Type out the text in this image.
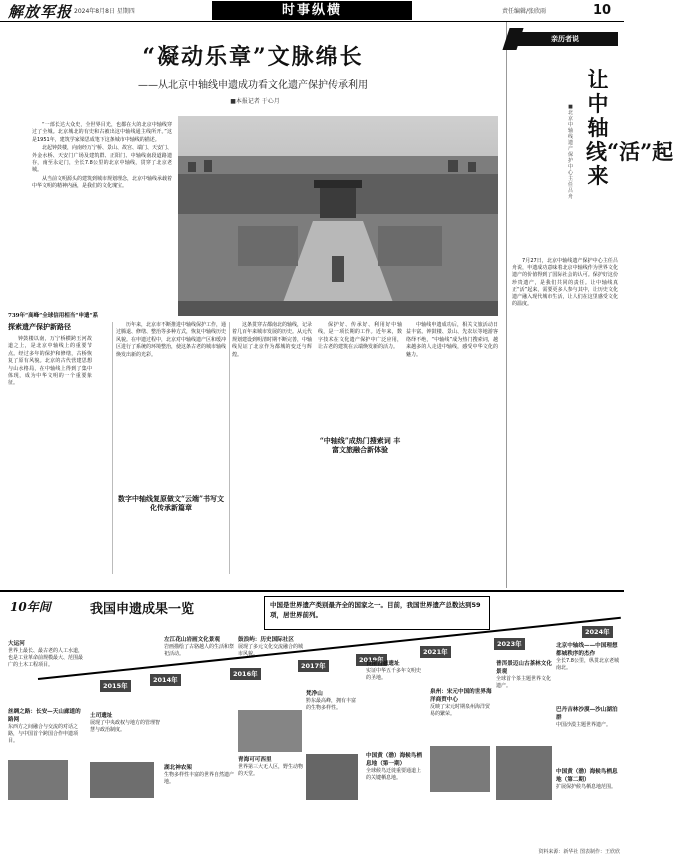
解放军报 2024年8月8日 星期四	时事纵横	责任编辑/张欣雨	10
“凝动乐章”文脉绵长
——从北京中轴线申遗成功看文化遗产保护传承利用
■本报记者 于心月

“一部长达大众史，全世界目光，也都在大的北京中轴线穿过了全城。北京城北的有史和古被出这中轴线通主线所开。”这是1951年，建筑学家梁思成笔下这条城市中轴线的描述。

北起钟鼓楼，向南经万宁桥、景山、故宫、端门、天安门、外金水桥、天安门广场及建筑群、正阳门、中轴线南段道路遗存，南至永定门，全长7.8公里的北京中轴线，贯穿了北京老城。

从当前文明源头的建筑到城市规划理念，北京中轴线承载着中华文明的精神内涵，是我们的文化瑰宝。

739年“高峰”全球信用相当“申遗”系
探索遗产保护新路径

钟鼓楼以南，万宁桥横跨玉河故道之上，是北京中轴线上的重要节点。经过多年的保护和修缮，古桥恢复了原有风貌。北京的古代营建思想与山水格局，在中轴线上得到了集中体现，成为中华文明的一个重要象征。

历年来，北京市不断推进中轴线保护工作，通过腾退、修缮、整治等多种方式，恢复中轴线历史风貌。在申遗过程中，北京对中轴线遗产区和缓冲区进行了系统的环境整治，使这条古老的城市轴线焕发出新的光彩。

数字中轴线复原做文“云端”书写文化传承新篇章

这条贯穿古都南北的轴线，记录着几百年来城市发展的历史。从元代规划建设到明清时期不断完善，中轴线见证了北京作为都城的变迁与辉煌。

保护好、传承好、利用好中轴线，是一项长期的工作。近年来，数字技术在文化遗产保护中广泛应用，让古老的建筑在云端焕发新的活力。

“中轴线”成热门搜索词 丰富文旅融合新体验

中轴线申遗成功后，相关文旅活动日益丰富。钟鼓楼、景山、先农坛等地游客络绎不绝，“中轴线”成为热门搜索词，越来越多的人走进中轴线，感受中华文化的魅力。

亲历者说
让中轴线“活”起来
■北京中轴线遗产保护中心主任 吕舟

7月27日，北京中轴线遗产保护中心主任吕舟说，申遗成功意味着北京中轴线作为世界文化遗产的价值得到了国际社会的认可。保护好这份珍贵遗产，是我们共同的责任。让中轴线真正“活”起来，需要更多人参与其中，让历史文化遗产融入现代城市生活，让人们在这里感受文化的温度。

10年间	我国申遗成果一览	中国是世界遗产类别最齐全的国家之一。目前，我国世界遗产总数达到59项，居世界前列。
2015年
2016年
2014年
2017年
2019年
2021年
2023年
2024年
大运河
世界上最长、最古老的人工水道，也是工业革命前规模最大、范围最广的土木工程项目。
丝绸之路：长安—天山廊道的路网
东西方之间融合与交流的对话之路，与中国首个跨国合作申遗项目。
土司遗址
展现了中央政权与地方的管理智慧与政治制度。
左江花山岩画文化景观
岩画描绘了古骆越人的生活和祭祀活动。
湖北神农架
生物多样性丰富的世界自然遗产地。
鼓浪屿：历史国际社区
展现了多元文化交流融合的城市风貌。
青海可可西里
世界第三大无人区，野生动物的天堂。
梵净山
黔东最高峰，拥有丰富的生物多样性。
良渚古城遗址
实证中华五千多年文明史的圣地。
中国黄（渤）海候鸟栖息地（第一期）
全球候鸟迁徙重要通道上的关键栖息地。
泉州：宋元中国的世界海洋商贸中心
反映了宋元时期泉州海洋贸易的繁荣。
普洱景迈山古茶林文化景观
全球首个茶主题世界文化遗产。
北京中轴线——中国理想都城秩序的杰作
全长7.8公里，纵贯北京老城南北。
巴丹吉林沙漠—沙山湖泊群
中国沙漠主题世界遗产。
中国黄（渤）海候鸟栖息地（第二期）
扩展保护候鸟栖息地范围。
资料来源：新华社 图表制作：王欣欣
